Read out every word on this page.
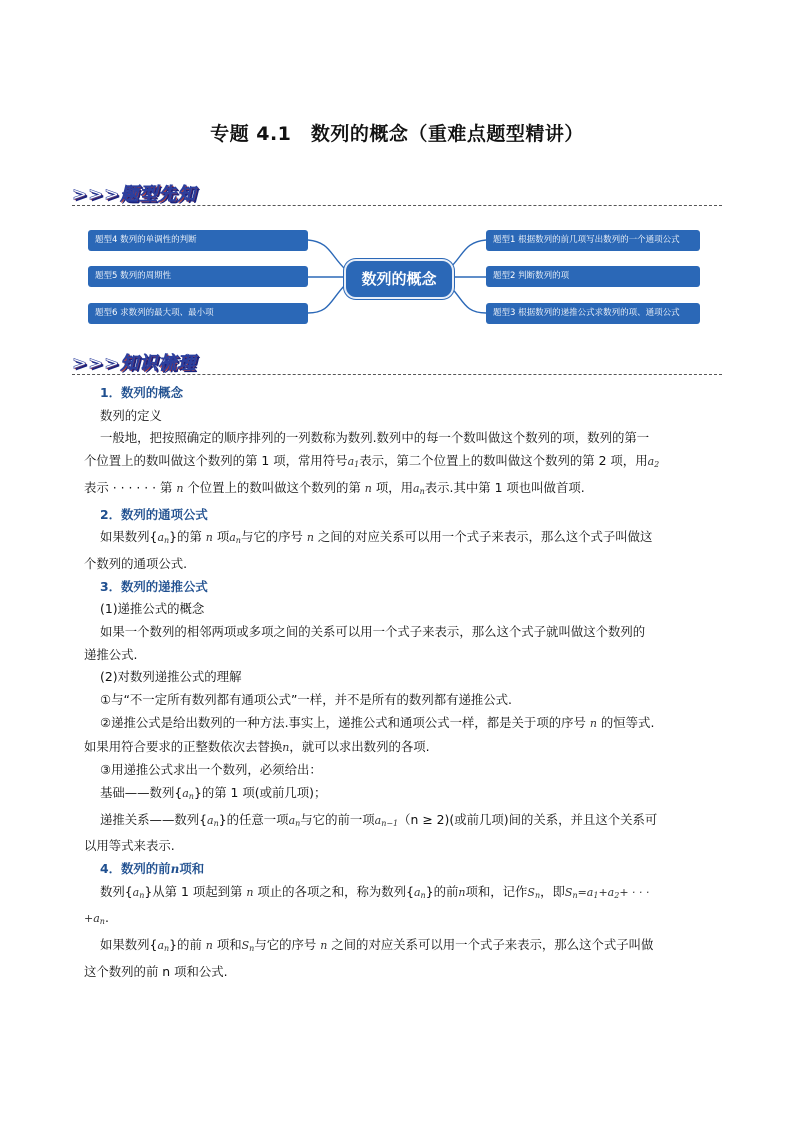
专题 4.1　数列的概念（重难点题型精讲）
>>>题型先知
题型4 数列的单调性的判断
题型5 数列的周期性
题型6 求数列的最大项、最小项
数列的概念
题型1 根据数列的前几项写出数列的一个通项公式
题型2 判断数列的项
题型3 根据数列的递推公式求数列的项、通项公式
>>>知识梳理

1．数列的概念

数列的定义

一般地，把按照确定的顺序排列的一列数称为数列.数列中的每一个数叫做这个数列的项，数列的第一

个位置上的数叫做这个数列的第 1 项，常用符号$a_1$表示，第二个位置上的数叫做这个数列的第 2 项，用$a_2$

表示 · · · · · · 第 n 个位置上的数叫做这个数列的第 n 项，用$a_n$表示.其中第 1 项也叫做首项.

2．数列的通项公式

如果数列$\{a_n\}$的第 n 项$a_n$与它的序号 n 之间的对应关系可以用一个式子来表示，那么这个式子叫做这

个数列的通项公式.

3．数列的递推公式

(1)递推公式的概念

如果一个数列的相邻两项或多项之间的关系可以用一个式子来表示，那么这个式子就叫做这个数列的

递推公式.

(2)对数列递推公式的理解

①与“不一定所有数列都有通项公式”一样，并不是所有的数列都有递推公式.

②递推公式是给出数列的一种方法.事实上，递推公式和通项公式一样，都是关于项的序号 n 的恒等式.

如果用符合要求的正整数依次去替换n，就可以求出数列的各项.

③用递推公式求出一个数列，必须给出：

基础——数列$\{a_n\}$的第 1 项(或前几项)；

递推关系——数列$\{a_n\}$的任意一项$a_n$与它的前一项$a_{n-1}(n \ge 2)$(或前几项)间的关系，并且这个关系可

以用等式来表示.

4．数列的前n项和

数列$\{a_n\}$从第 1 项起到第 n 项止的各项之和，称为数列$\{a_n\}$的前n项和，记作$S_n$，即$S_n=a_1+a_2+$ · · ·

$+a_n$.

如果数列$\{a_n\}$的前 n 项和$S_n$与它的序号 n 之间的对应关系可以用一个式子来表示，那么这个式子叫做

这个数列的前 n 项和公式.
